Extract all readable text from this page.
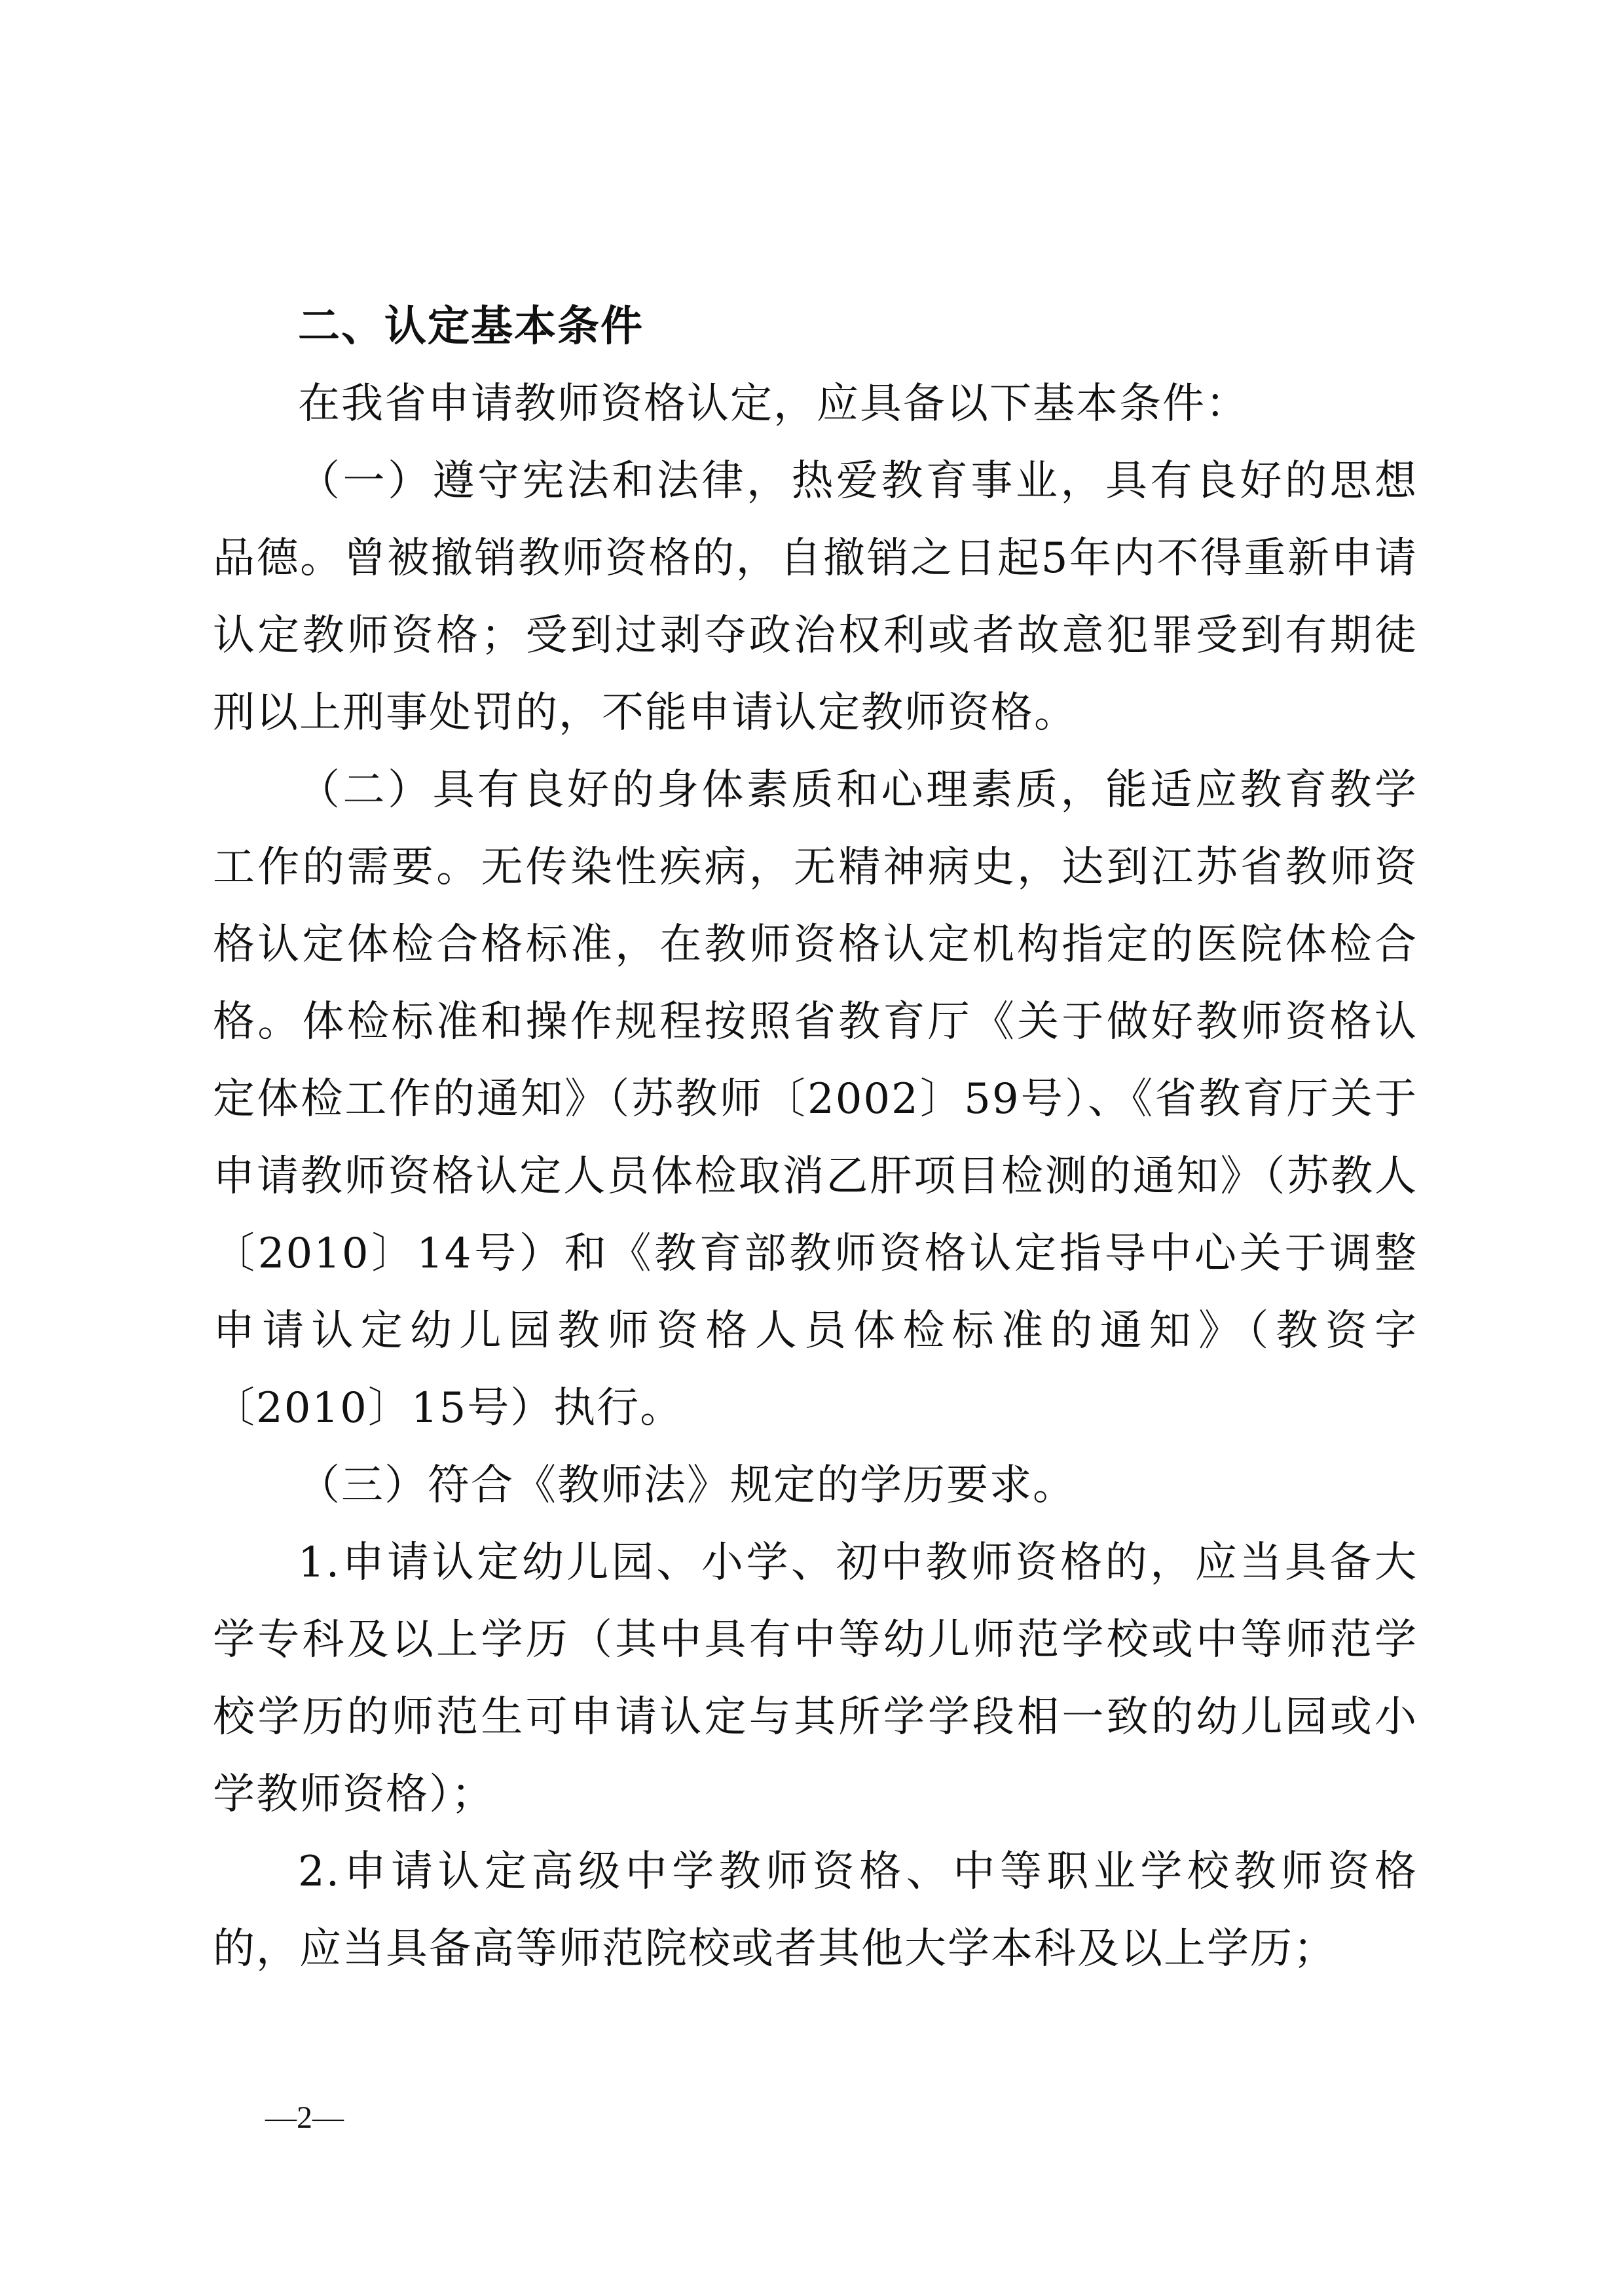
二、认定基本条件

在我省申请教师资格认定，应具备以下基本条件：

（一）遵守宪法和法律，热爱教育事业，具有良好的思想品德。曾被撤销教师资格的，自撤销之日起5年内不得重新申请认定教师资格；受到过剥夺政治权利或者故意犯罪受到有期徒刑以上刑事处罚的，不能申请认定教师资格。

（二）具有良好的身体素质和心理素质，能适应教育教学工作的需要。无传染性疾病，无精神病史，达到江苏省教师资格认定体检合格标准，在教师资格认定机构指定的医院体检合格。体检标准和操作规程按照省教育厅《关于做好教师资格认定体检工作的通知》（苏教师〔2002〕59号）、《省教育厅关于申请教师资格认定人员体检取消乙肝项目检测的通知》（苏教人〔2010〕14号）和《教育部教师资格认定指导中心关于调整申请认定幼儿园教师资格人员体检标准的通知》（教资字〔2010〕15号）执行。

（三）符合《教师法》规定的学历要求。

1.申请认定幼儿园、小学、初中教师资格的，应当具备大学专科及以上学历（其中具有中等幼儿师范学校或中等师范学校学历的师范生可申请认定与其所学学段相一致的幼儿园或小学教师资格）；

2.申请认定高级中学教师资格、中等职业学校教师资格的，应当具备高等师范院校或者其他大学本科及以上学历；

—2—
